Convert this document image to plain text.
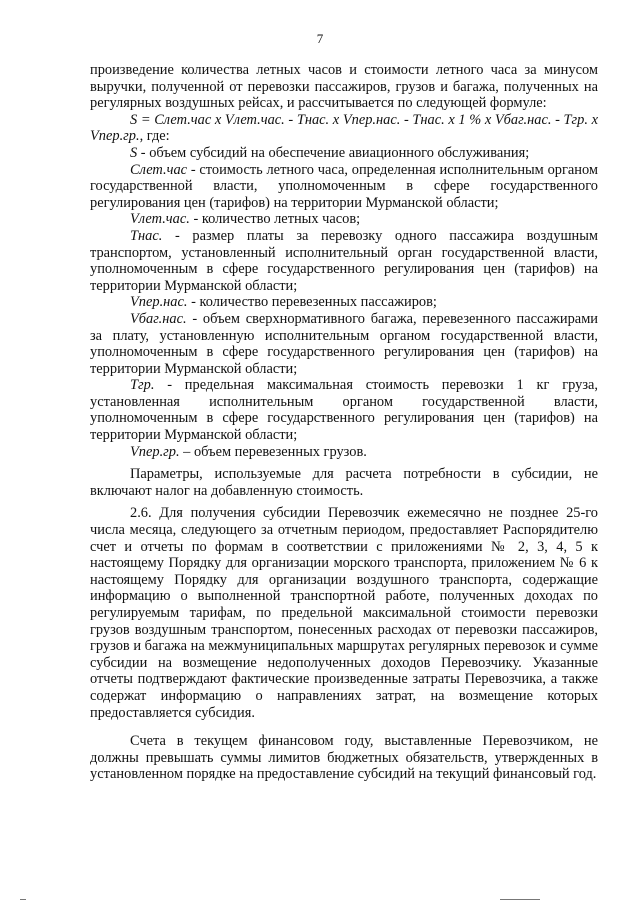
7

произведение количества летных часов и стоимости летного часа за минусом выручки, полученной от перевозки пассажиров, грузов и багажа, полученных на регулярных воздушных рейсах, и рассчитывается по следующей формуле:

S = Cлет.час x Vлет.час. - Tнас. x Vпер.нас. - Tнас. x 1 % x Vбаг.нас. - Tгр. x Vпер.гр., где:

S - объем субсидий на обеспечение авиационного обслуживания;

Cлет.час - стоимость летного часа, определенная исполнительным органом государственной власти, уполномоченным в сфере государственного регулирования цен (тарифов) на территории Мурманской области;

Vлет.час. - количество летных часов;

Tнас. - размер платы за перевозку одного пассажира воздушным транспортом, установленный исполнительный орган государственной власти, уполномоченным в сфере государственного регулирования цен (тарифов) на территории Мурманской области;

Vпер.нас. - количество перевезенных пассажиров;

Vбаг.нас. - объем сверхнормативного багажа, перевезенного пассажирами за плату, установленную исполнительным органом государственной власти, уполномоченным в сфере государственного регулирования цен (тарифов) на территории Мурманской области;

Tгр. - предельная максимальная стоимость перевозки 1 кг груза, установленная исполнительным органом государственной власти, уполномоченным в сфере государственного регулирования цен (тарифов) на территории Мурманской области;

Vпер.гр. – объем перевезенных грузов.

Параметры, используемые для расчета потребности в субсидии, не включают налог на добавленную стоимость.

2.6. Для получения субсидии Перевозчик ежемесячно не позднее 25-го числа месяца, следующего за отчетным периодом, предоставляет Распорядителю счет и отчеты по формам в соответствии с приложениями № 2, 3, 4, 5 к настоящему Порядку для организации морского транспорта, приложением № 6 к настоящему Порядку для организации воздушного транспорта, содержащие информацию о выполненной транспортной работе, полученных доходах по регулируемым тарифам, по предельной максимальной стоимости перевозки грузов воздушным транспортом, понесенных расходах от перевозки пассажиров, грузов и багажа на межмуниципальных маршрутах регулярных перевозок и сумме субсидии на возмещение недополученных доходов Перевозчику. Указанные отчеты подтверждают фактические произведенные затраты Перевозчика, а также содержат информацию о направлениях затрат, на возмещение которых предоставляется субсидия.

Счета в текущем финансовом году, выставленные Перевозчиком, не должны превышать суммы лимитов бюджетных обязательств, утвержденных в установленном порядке на предоставление субсидий на текущий финансовый год.
